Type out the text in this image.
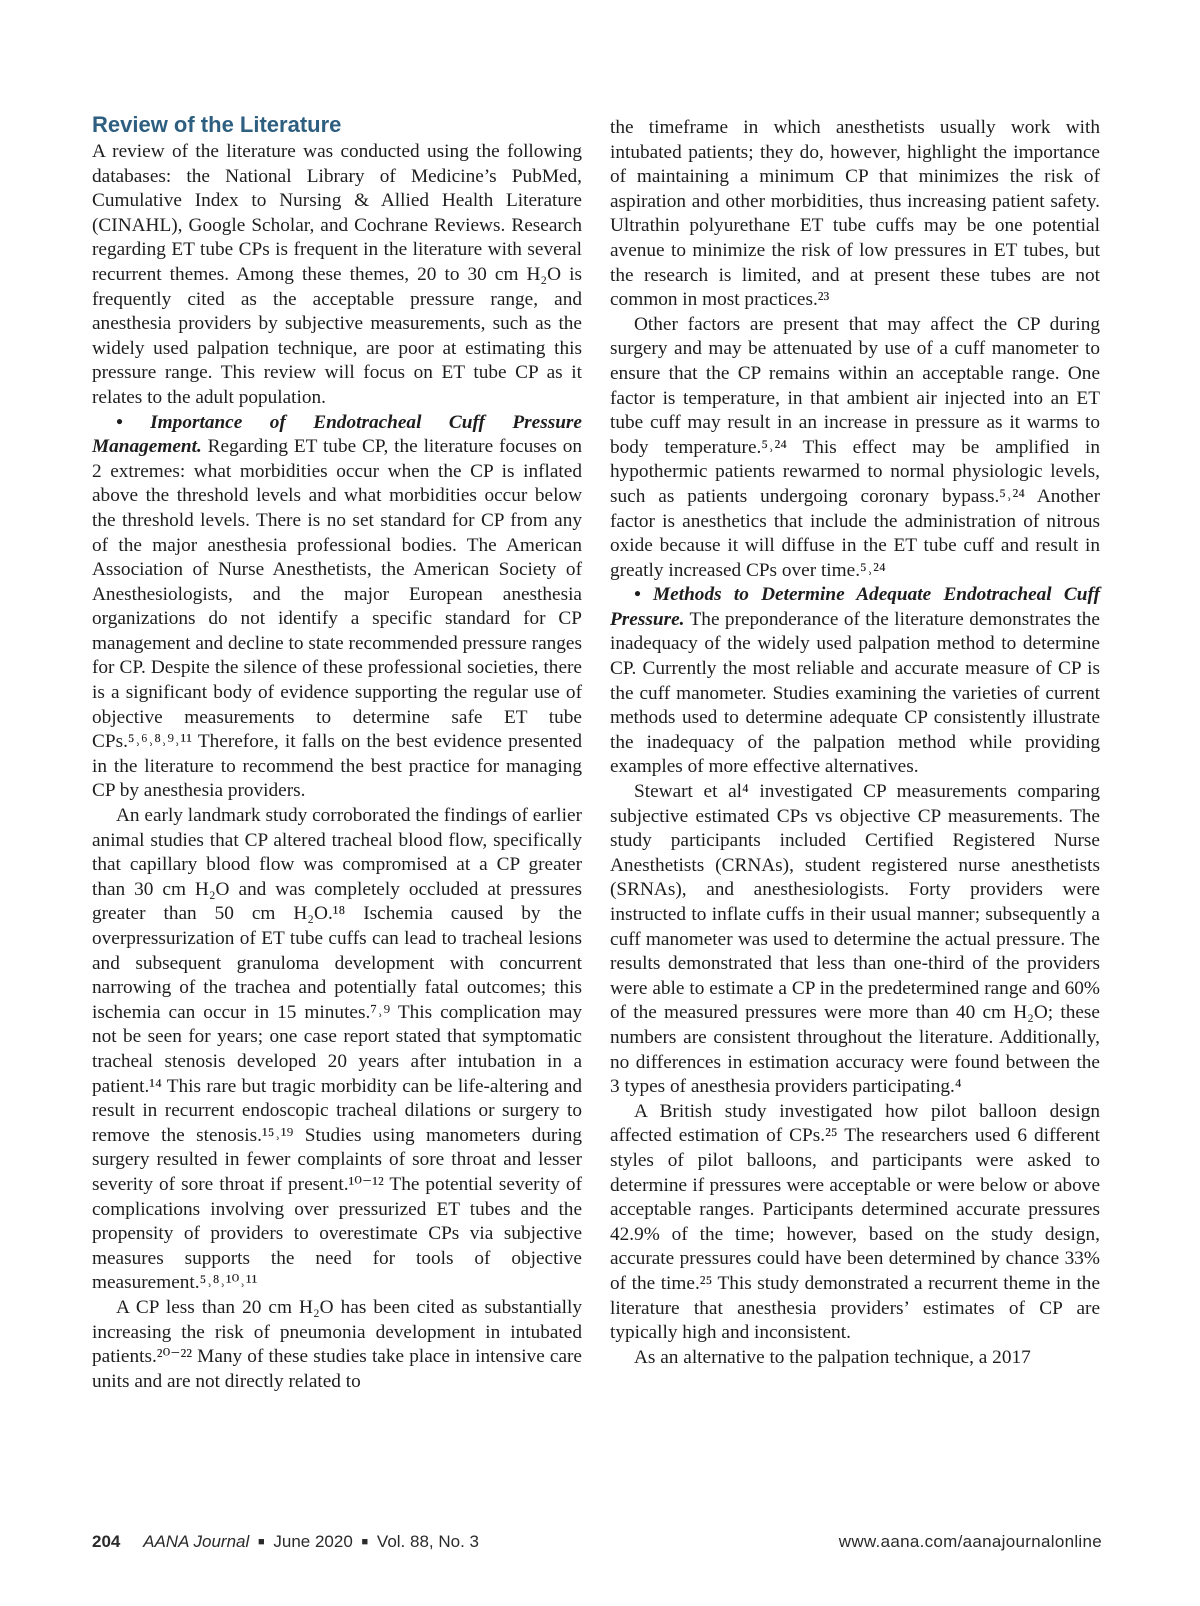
Review of the Literature

A review of the literature was conducted using the following databases: the National Library of Medicine’s PubMed, Cumulative Index to Nursing & Allied Health Literature (CINAHL), Google Scholar, and Cochrane Reviews. Research regarding ET tube CPs is frequent in the literature with several recurrent themes. Among these themes, 20 to 30 cm H₂O is frequently cited as the acceptable pressure range, and anesthesia providers by subjective measurements, such as the widely used palpation technique, are poor at estimating this pressure range. This review will focus on ET tube CP as it relates to the adult population.

• Importance of Endotracheal Cuff Pressure Management. Regarding ET tube CP, the literature focuses on 2 extremes: what morbidities occur when the CP is inflated above the threshold levels and what morbidities occur below the threshold levels. There is no set standard for CP from any of the major anesthesia professional bodies. The American Association of Nurse Anesthetists, the American Society of Anesthesiologists, and the major European anesthesia organizations do not identify a specific standard for CP management and decline to state recommended pressure ranges for CP. Despite the silence of these professional societies, there is a significant body of evidence supporting the regular use of objective measurements to determine safe ET tube CPs.⁵˒⁶˒⁸˒⁹˒¹¹ Therefore, it falls on the best evidence presented in the literature to recommend the best practice for managing CP by anesthesia providers.

An early landmark study corroborated the findings of earlier animal studies that CP altered tracheal blood flow, specifically that capillary blood flow was compromised at a CP greater than 30 cm H₂O and was completely occluded at pressures greater than 50 cm H₂O.¹⁸ Ischemia caused by the overpressurization of ET tube cuffs can lead to tracheal lesions and subsequent granuloma development with concurrent narrowing of the trachea and potentially fatal outcomes; this ischemia can occur in 15 minutes.⁷˒⁹ This complication may not be seen for years; one case report stated that symptomatic tracheal stenosis developed 20 years after intubation in a patient.¹⁴ This rare but tragic morbidity can be life-altering and result in recurrent endoscopic tracheal dilations or surgery to remove the stenosis.¹⁵˒¹⁹ Studies using manometers during surgery resulted in fewer complaints of sore throat and lesser severity of sore throat if present.¹⁰⁻¹² The potential severity of complications involving over pressurized ET tubes and the propensity of providers to overestimate CPs via subjective measures supports the need for tools of objective measurement.⁵˒⁸˒¹⁰˒¹¹

A CP less than 20 cm H₂O has been cited as substantially increasing the risk of pneumonia development in intubated patients.²⁰⁻²² Many of these studies take place in intensive care units and are not directly related to

the timeframe in which anesthetists usually work with intubated patients; they do, however, highlight the importance of maintaining a minimum CP that minimizes the risk of aspiration and other morbidities, thus increasing patient safety. Ultrathin polyurethane ET tube cuffs may be one potential avenue to minimize the risk of low pressures in ET tubes, but the research is limited, and at present these tubes are not common in most practices.²³

Other factors are present that may affect the CP during surgery and may be attenuated by use of a cuff manometer to ensure that the CP remains within an acceptable range. One factor is temperature, in that ambient air injected into an ET tube cuff may result in an increase in pressure as it warms to body temperature.⁵˒²⁴ This effect may be amplified in hypothermic patients rewarmed to normal physiologic levels, such as patients undergoing coronary bypass.⁵˒²⁴ Another factor is anesthetics that include the administration of nitrous oxide because it will diffuse in the ET tube cuff and result in greatly increased CPs over time.⁵˒²⁴

• Methods to Determine Adequate Endotracheal Cuff Pressure. The preponderance of the literature demonstrates the inadequacy of the widely used palpation method to determine CP. Currently the most reliable and accurate measure of CP is the cuff manometer. Studies examining the varieties of current methods used to determine adequate CP consistently illustrate the inadequacy of the palpation method while providing examples of more effective alternatives.

Stewart et al⁴ investigated CP measurements comparing subjective estimated CPs vs objective CP measurements. The study participants included Certified Registered Nurse Anesthetists (CRNAs), student registered nurse anesthetists (SRNAs), and anesthesiologists. Forty providers were instructed to inflate cuffs in their usual manner; subsequently a cuff manometer was used to determine the actual pressure. The results demonstrated that less than one-third of the providers were able to estimate a CP in the predetermined range and 60% of the measured pressures were more than 40 cm H₂O; these numbers are consistent throughout the literature. Additionally, no differences in estimation accuracy were found between the 3 types of anesthesia providers participating.⁴

A British study investigated how pilot balloon design affected estimation of CPs.²⁵ The researchers used 6 different styles of pilot balloons, and participants were asked to determine if pressures were acceptable or were below or above acceptable ranges. Participants determined accurate pressures 42.9% of the time; however, based on the study design, accurate pressures could have been determined by chance 33% of the time.²⁵ This study demonstrated a recurrent theme in the literature that anesthesia providers’ estimates of CP are typically high and inconsistent.

As an alternative to the palpation technique, a 2017

204 AANA Journal ■ June 2020 ■ Vol. 88, No. 3	www.aana.com/aanajournalonline
